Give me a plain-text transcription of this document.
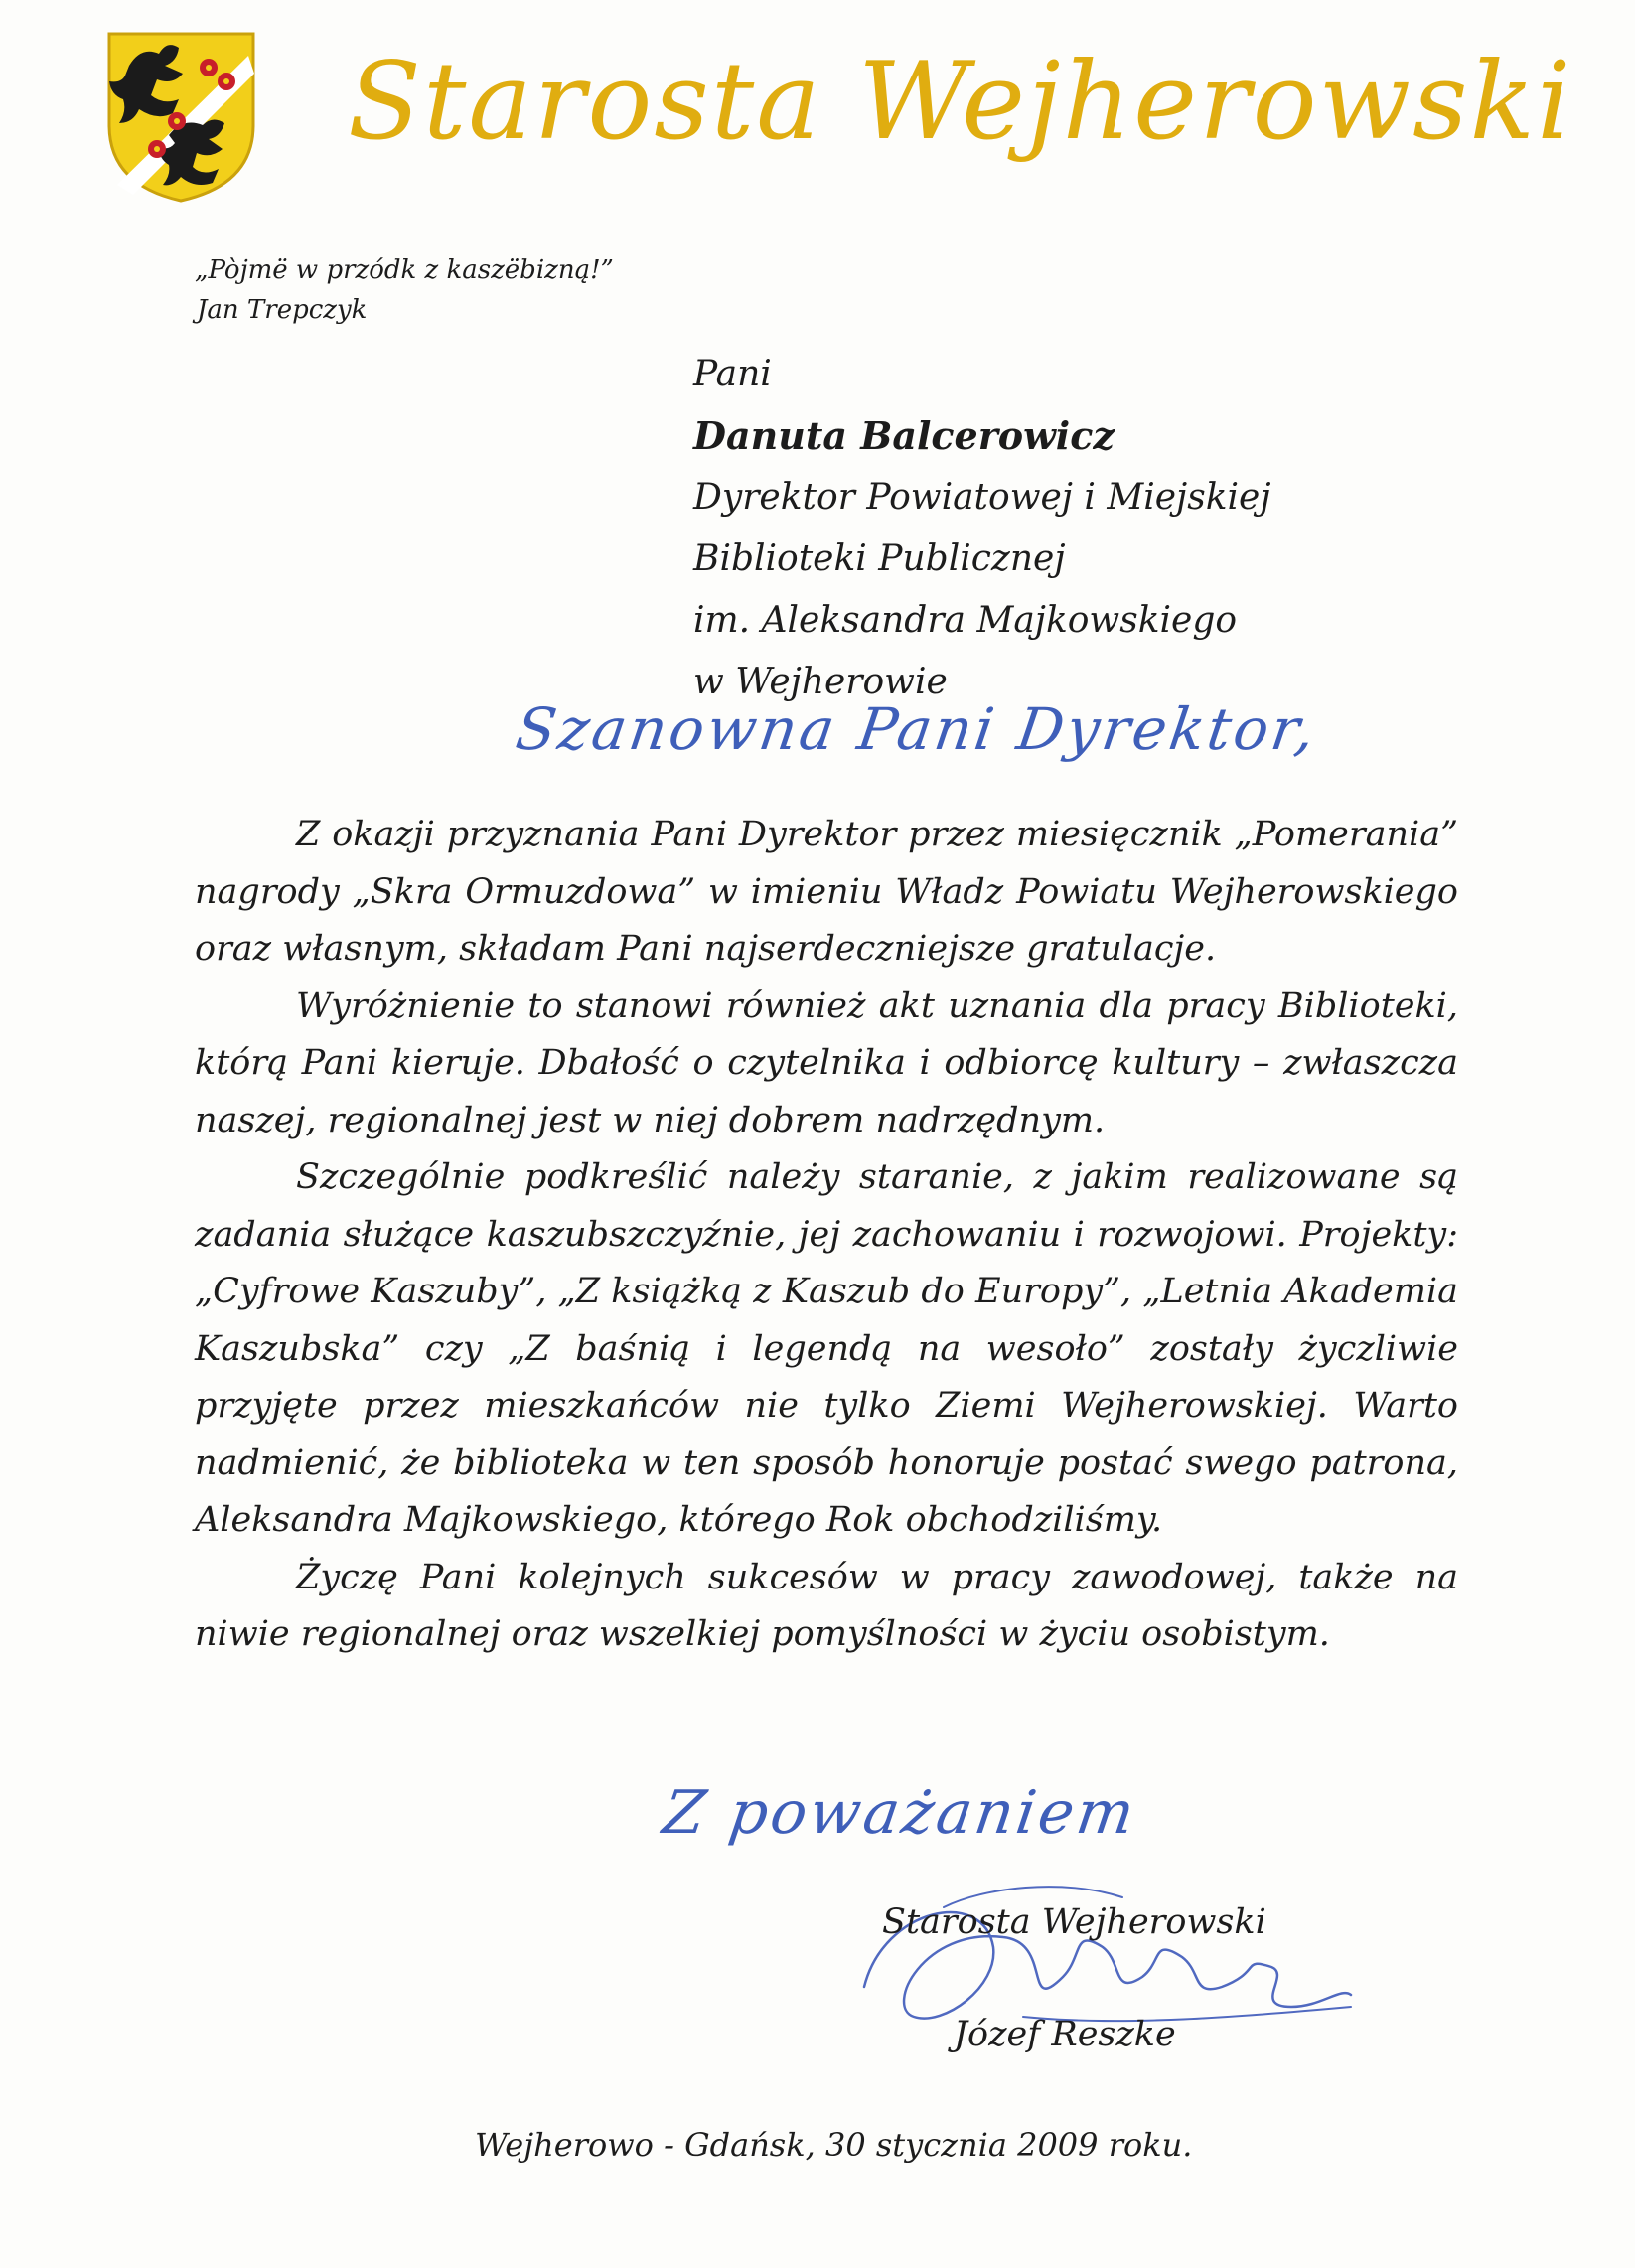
Starosta Wejherowski
„Pòjmë w przódk z kaszëbizną!”
Jan Trepczyk
Pani
Danuta Balcerowicz
Dyrektor Powiatowej i Miejskiej
Biblioteki Publicznej
im. Aleksandra Majkowskiego
w Wejherowie
Szanowna Pani Dyrektor,

Z okazji przyznania Pani Dyrektor przez miesięcznik „Pomerania” nagrody „Skra Ormuzdowa” w imieniu Władz Powiatu Wejherowskiego oraz własnym, składam Pani najserdeczniejsze gratulacje.

Wyróżnienie to stanowi również akt uznania dla pracy Biblioteki, którą Pani kieruje. Dbałość o czytelnika i odbiorcę kultury – zwłaszcza naszej, regionalnej jest w niej dobrem nadrzędnym.

Szczególnie podkreślić należy staranie, z jakim realizowane są zadania służące kaszubszczyźnie, jej zachowaniu i rozwojowi. Projekty: „Cyfrowe Kaszuby”, „Z książką z Kaszub do Europy”, „Letnia Akademia Kaszubska” czy „Z baśnią i legendą na wesoło” zostały życzliwie przyjęte przez mieszkańców nie tylko Ziemi Wejherowskiej. Warto nadmienić, że biblioteka w ten sposób honoruje postać swego patrona, Aleksandra Majkowskiego, którego Rok obchodziliśmy.

Życzę Pani kolejnych sukcesów w pracy zawodowej, także na niwie regionalnej oraz wszelkiej pomyślności w życiu osobistym.

Z poważaniem
Starosta Wejherowski
Józef Reszke
Wejherowo - Gdańsk, 30 stycznia 2009 roku.
